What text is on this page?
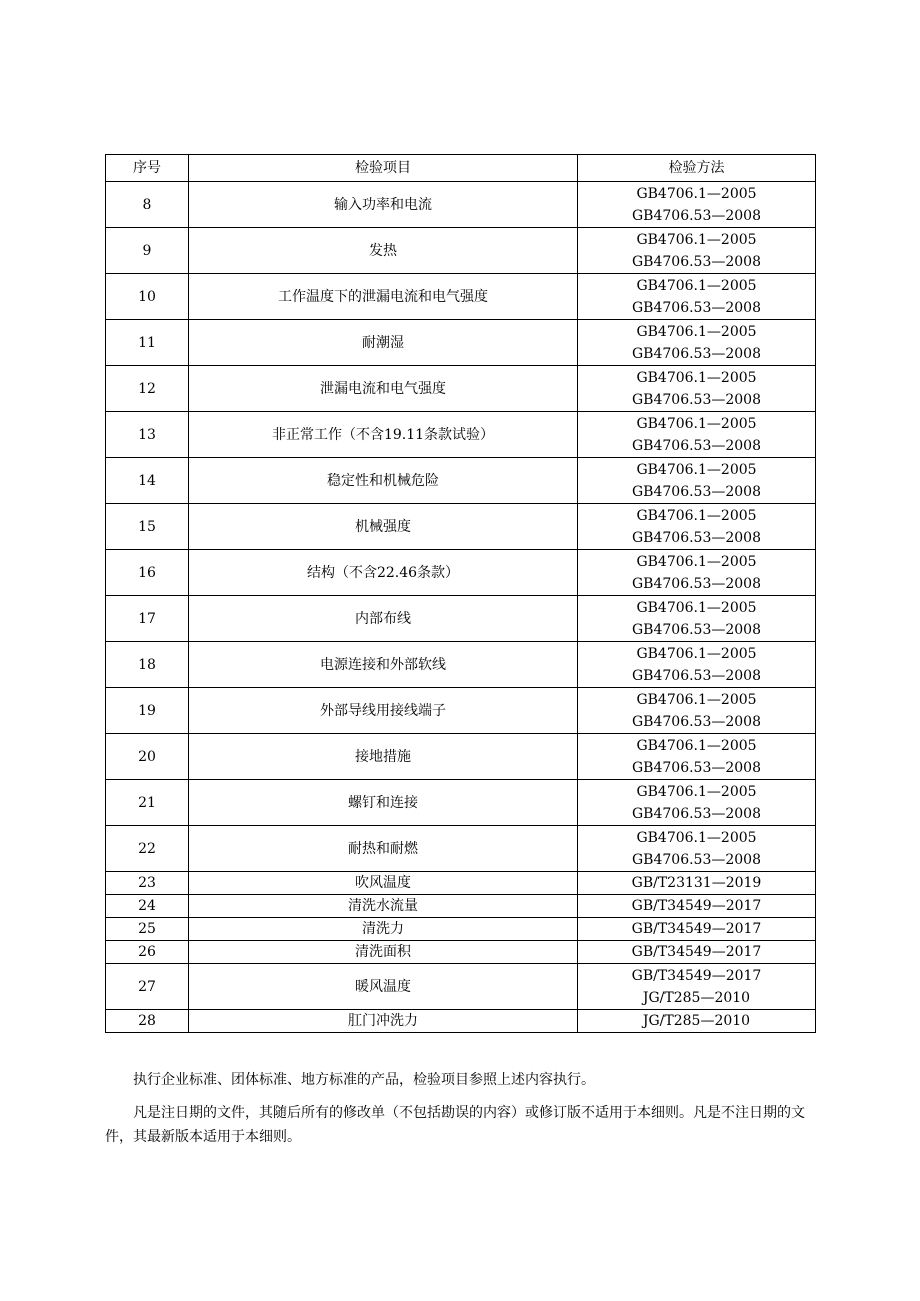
序号	检验项目	检验方法
8	输入功率和电流	GB4706.1—2005
GB4706.53—2008

9	发热	GB4706.1—2005
GB4706.53—2008

10	工作温度下的泄漏电流和电气强度	GB4706.1—2005
GB4706.53—2008

11	耐潮湿	GB4706.1—2005
GB4706.53—2008

12	泄漏电流和电气强度	GB4706.1—2005
GB4706.53—2008

13	非正常工作（不含19.11条款试验）	GB4706.1—2005
GB4706.53—2008

14	稳定性和机械危险	GB4706.1—2005
GB4706.53—2008

15	机械强度	GB4706.1—2005
GB4706.53—2008

16	结构（不含22.46条款）	GB4706.1—2005
GB4706.53—2008

17	内部布线	GB4706.1—2005
GB4706.53—2008

18	电源连接和外部软线	GB4706.1—2005
GB4706.53—2008

19	外部导线用接线端子	GB4706.1—2005
GB4706.53—2008

20	接地措施	GB4706.1—2005
GB4706.53—2008

21	螺钉和连接	GB4706.1—2005
GB4706.53—2008

22	耐热和耐燃	GB4706.1—2005
GB4706.53—2008

23	吹风温度	GB/T23131—2019

24	清洗水流量	GB/T34549—2017

25	清洗力	GB/T34549—2017

26	清洗面积	GB/T34549—2017

27	暖风温度	GB/T34549—2017
JG/T285—2010

28	肛门冲洗力	JG/T285—2010

执行企业标准、团体标准、地方标准的产品，检验项目参照上述内容执行。

凡是注日期的文件，其随后所有的修改单（不包括勘误的内容）或修订版不适用于本细则。凡是不注日期的文件，其最新版本适用于本细则。
